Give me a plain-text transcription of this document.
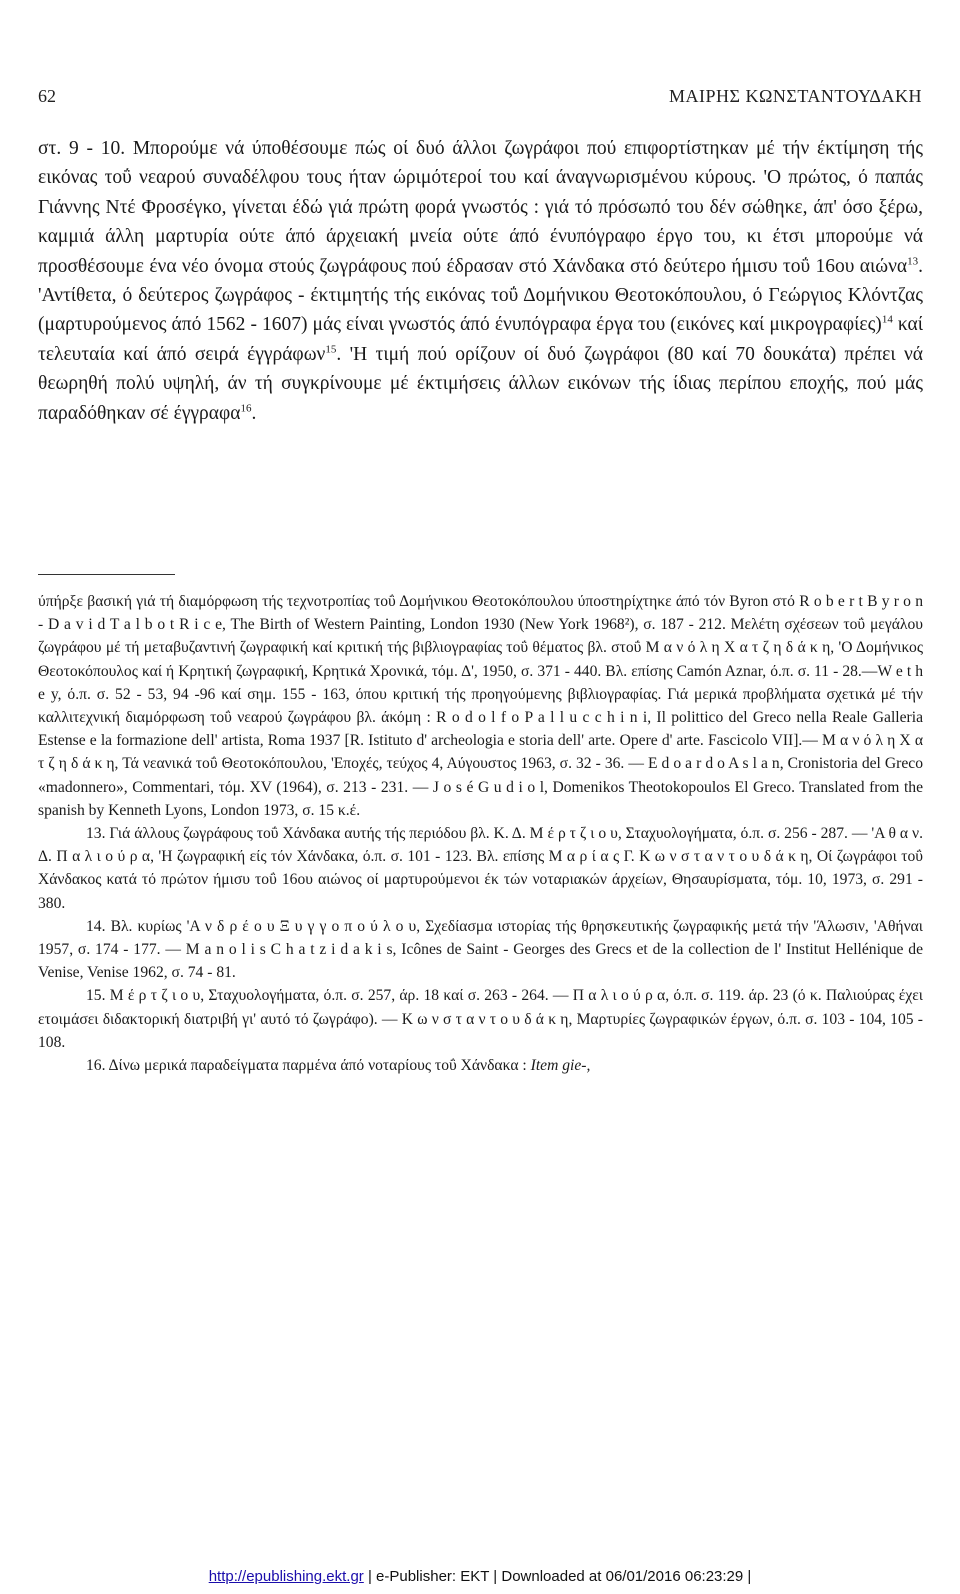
62	ΜΑΙΡΗΣ ΚΩΝΣΤΑΝΤΟΥΔΑΚΗ

στ. 9 - 10. Μπορούμε νά ύποθέσουμε πώς οί δυό άλλοι ζωγράφοι πού επιφορτίστηκαν μέ τήν έκτίμηση τής εικόνας τοΰ νεαρού συναδέλφου τους ήταν ώριμότεροί του καί άναγνωρισμένου κύρους. 'Ο πρώτος, ό παπάς Γιάννης Ντέ Φροσέγκο, γίνεται έδώ γιά πρώτη φορά γνωστός : γιά τό πρόσωπό του δέν σώθηκε, άπ' όσο ξέρω, καμμιά άλλη μαρτυρία ούτε άπό άρχειακή μνεία ούτε άπό ένυπόγραφο έργο του, κι έτσι μπορούμε νά προσθέσουμε ένα νέο όνομα στούς ζωγράφους πού έδρασαν στό Χάνδακα στό δεύτερο ήμισυ τοΰ 16ου αιώνα$^{13}$. 'Αντίθετα, ό δεύτερος ζωγράφος - έκτιμητής τής εικόνας τοΰ Δομήνικου Θεοτοκόπουλου, ό Γεώργιος Κλόντζας (μαρτυρούμενος άπό 1562 - 1607) μάς είναι γνωστός άπό ένυπόγραφα έργα του (εικόνες καί μικρογραφίες)$^{14}$ καί τελευταία καί άπό σειρά έγγράφων$^{15}$. 'Η τιμή πού ορίζουν οί δυό ζωγράφοι (80 καί 70 δουκάτα) πρέπει νά θεωρηθή πολύ υψηλή, άν τή συγκρίνουμε μέ έκτιμήσεις άλλων εικόνων τής ίδιας περίπου εποχής, πού μάς παραδόθηκαν σέ έγγραφα$^{16}$.

ύπήρξε βασική γιά τή διαμόρφωση τής τεχνοτροπίας τοΰ Δομήνικου Θεοτοκόπουλου ύποστηρίχτηκε άπό τόν Byron στό R o b e r t B y r o n - D a v i d T a l b o t R i c e, The Birth of Western Painting, London 1930 (New York 1968²), σ. 187 - 212. Μελέτη σχέσεων τοΰ μεγάλου ζωγράφου μέ τή μεταβυζαντινή ζωγραφική καί κριτική τής βιβλιογραφίας τοΰ θέματος βλ. στοΰ Μ α ν ό λ η Χ α τ ζ η δ ά κ η, 'Ο Δομήνικος Θεοτοκόπουλος καί ή Κρητική ζωγραφική, Κρητικά Χρονικά, τόμ. Δ', 1950, σ. 371 - 440. Βλ. επίσης Camón Aznar, ό.π. σ. 11 - 28.—W e t h e y, ό.π. σ. 52 - 53, 94 -96 καί σημ. 155 - 163, όπου κριτική τής προηγούμενης βιβλιογραφίας. Γιά μερικά προβλήματα σχετικά μέ τήν καλλιτεχνική διαμόρφωση τοΰ νεαρού ζωγράφου βλ. άκόμη : R o d o l f o P a l l u c c h i n i, Il polittico del Greco nella Reale Galleria Estense e la formazione dell' artista, Roma 1937 [R. Istituto d' archeologia e storia dell' arte. Opere d' arte. Fascicolo VII].— Μ α ν ό λ η Χ α τ ζ η δ ά κ η, Τά νεανικά τοΰ Θεοτοκόπουλου, 'Εποχές, τεύχος 4, Αύγουστος 1963, σ. 32 - 36. — E d o a r d o A s l a n, Cronistoria del Greco «madonnero», Commentari, τόμ. XV (1964), σ. 213 - 231. — J o s é G u d i o l, Domenikos Theotokopoulos El Greco. Translated from the spanish by Kenneth Lyons, London 1973, σ. 15 κ.έ.

13. Γιά άλλους ζωγράφους τοΰ Χάνδακα αυτής τής περιόδου βλ. Κ. Δ. Μ έ ρ τ ζ ι ο υ, Σταχυολογήματα, ό.π. σ. 256 - 287. — 'Α θ α ν. Δ. Π α λ ι ο ύ ρ α, 'Η ζωγραφική είς τόν Χάνδακα, ό.π. σ. 101 - 123. Βλ. επίσης Μ α ρ ί α ς Γ. Κ ω ν σ τ α ν τ ο υ δ ά κ η, Οί ζωγράφοι τοΰ Χάνδακος κατά τό πρώτον ήμισυ τοΰ 16ου αιώνος οί μαρτυρούμενοι έκ τών νοταριακών άρχείων, Θησαυρίσματα, τόμ. 10, 1973, σ. 291 - 380.

14. Βλ. κυρίως 'Α ν δ ρ έ ο υ Ξ υ γ γ ο π ο ύ λ ο υ, Σχεδίασμα ιστορίας τής θρησκευτικής ζωγραφικής μετά τήν 'Άλωσιν, 'Αθήναι 1957, σ. 174 - 177. — M a n o l i s C h a t z i d a k i s, Icônes de Saint - Georges des Grecs et de la collection de l' Institut Hellénique de Venise, Venise 1962, σ. 74 - 81.

15. Μ έ ρ τ ζ ι ο υ, Σταχυολογήματα, ό.π. σ. 257, άρ. 18 καί σ. 263 - 264. — Π α λ ι ο ύ ρ α, ό.π. σ. 119. άρ. 23 (ό κ. Παλιούρας έχει ετοιμάσει διδακτορική διατριβή γι' αυτό τό ζωγράφο). — Κ ω ν σ τ α ν τ ο υ δ ά κ η, Μαρτυρίες ζωγραφικών έργων, ό.π. σ. 103 - 104, 105 - 108.

16. Δίνω μερικά παραδείγματα παρμένα άπό νοταρίους τοΰ Χάνδακα : Item gie-,

http://epublishing.ekt.gr | e-Publisher: EKT | Downloaded at 06/01/2016 06:23:29 |
